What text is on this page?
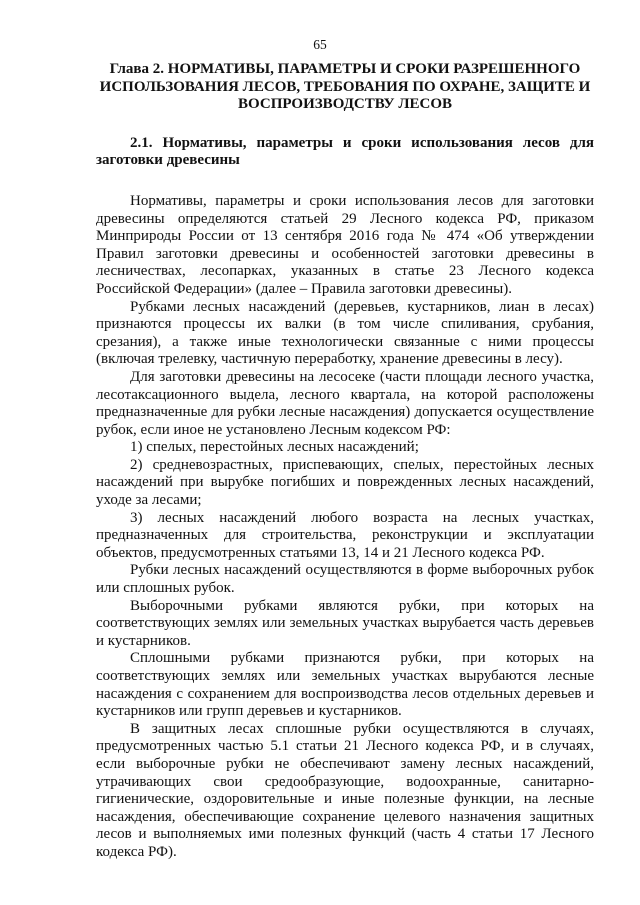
65
Глава 2. НОРМАТИВЫ, ПАРАМЕТРЫ И СРОКИ РАЗРЕШЕННОГО ИСПОЛЬЗОВАНИЯ ЛЕСОВ, ТРЕБОВАНИЯ ПО ОХРАНЕ, ЗАЩИТЕ И ВОСПРОИЗВОДСТВУ ЛЕСОВ
2.1. Нормативы, параметры и сроки использования лесов для заготовки древесины

Нормативы, параметры и сроки использования лесов для заготовки древесины определяются статьей 29 Лесного кодекса РФ, приказом Минприроды России от 13 сентября 2016 года № 474 «Об утверждении Правил заготовки древесины и особенностей заготовки древесины в лесничествах, лесопарках, указанных в статье 23 Лесного кодекса Российской Федерации» (далее – Правила заготовки древесины).

Рубками лесных насаждений (деревьев, кустарников, лиан в лесах) признаются процессы их валки (в том числе спиливания, срубания, срезания), а также иные технологически связанные с ними процессы (включая трелевку, частичную переработку, хранение древесины в лесу).

Для заготовки древесины на лесосеке (части площади лесного участка, лесотаксационного выдела, лесного квартала, на которой расположены предназначенные для рубки лесные насаждения) допускается осуществление рубок, если иное не установлено Лесным кодексом РФ:

1) спелых, перестойных лесных насаждений;

2) средневозрастных, приспевающих, спелых, перестойных лесных насаждений при вырубке погибших и поврежденных лесных насаждений, уходе за лесами;

3) лесных насаждений любого возраста на лесных участках, предназначенных для строительства, реконструкции и эксплуатации объектов, предусмотренных статьями 13, 14 и 21 Лесного кодекса РФ.

Рубки лесных насаждений осуществляются в форме выборочных рубок или сплошных рубок.

Выборочными рубками являются рубки, при которых на соответствующих землях или земельных участках вырубается часть деревьев и кустарников.

Сплошными рубками признаются рубки, при которых на соответствующих землях или земельных участках вырубаются лесные насаждения с сохранением для воспроизводства лесов отдельных деревьев и кустарников или групп деревьев и кустарников.

В защитных лесах сплошные рубки осуществляются в случаях, предусмотренных частью 5.1 статьи 21 Лесного кодекса РФ, и в случаях, если выборочные рубки не обеспечивают замену лесных насаждений, утрачивающих свои средообразующие, водоохранные, санитарно-гигиенические, оздоровительные и иные полезные функции, на лесные насаждения, обеспечивающие сохранение целевого назначения защитных лесов и выполняемых ими полезных функций (часть 4 статьи 17 Лесного кодекса РФ).
